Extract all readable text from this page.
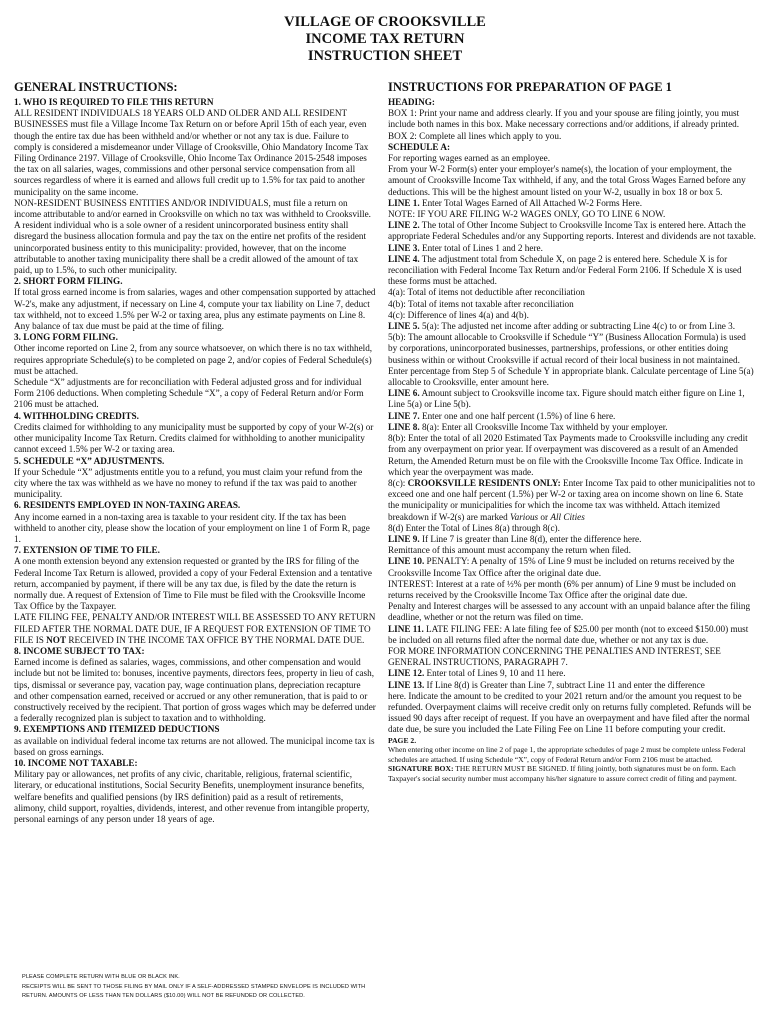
VILLAGE OF CROOKSVILLE
INCOME TAX RETURN
INSTRUCTION SHEET
GENERAL INSTRUCTIONS:
1. WHO IS REQUIRED TO FILE THIS RETURN

ALL RESIDENT INDIVIDUALS 18 YEARS OLD AND OLDER AND ALL RESIDENT BUSINESSES must file a Village Income Tax Return on or before April 15th of each year, even though the entire tax due has been withheld and/or whether or not any tax is due. Failure to comply is considered a misdemeanor under Village of Crooksville, Ohio Mandatory Income Tax Filing Ordinance 2197. Village of Crooksville, Ohio Income Tax Ordinance 2015-2548 imposes the tax on all salaries, wages, commissions and other personal service compensation from all sources regardless of where it is earned and allows full credit up to 1.5% for tax paid to another municipality on the same income.

NON-RESIDENT BUSINESS ENTITIES AND/OR INDIVIDUALS, must file a return on income attributable to and/or earned in Crooksville on which no tax was withheld to Crooksville. A resident individual who is a sole owner of a resident unincorporated business entity shall disregard the business allocation formula and pay the tax on the entire net profits of the resident unincorporated business entity to this municipality: provided, however, that on the income attributable to another taxing municipality there shall be a credit allowed of the amount of tax paid, up to 1.5%, to such other municipality.

2. SHORT FORM FILING.

If total gross earned income is from salaries, wages and other compensation supported by attached W-2's, make any adjustment, if necessary on Line 4, compute your tax liability on Line 7, deduct tax withheld, not to exceed 1.5% per W-2 or taxing area, plus any estimate payments on Line 8. Any balance of tax due must be paid at the time of filing.

3. LONG FORM FILING.

Other income reported on Line 2, from any source whatsoever, on which there is no tax withheld, requires appropriate Schedule(s) to be completed on page 2, and/or copies of Federal Schedule(s) must be attached.

Schedule “X” adjustments are for reconciliation with Federal adjusted gross and for individual Form 2106 deductions. When completing Schedule “X”, a copy of Federal Return and/or Form 2106 must be attached.

4. WITHHOLDING CREDITS.

Credits claimed for withholding to any municipality must be supported by copy of your W-2(s) or other municipality Income Tax Return. Credits claimed for withholding to another municipality cannot exceed 1.5% per W-2 or taxing area.

5. SCHEDULE “X” ADJUSTMENTS.

If your Schedule “X” adjustments entitle you to a refund, you must claim your refund from the city where the tax was withheld as we have no money to refund if the tax was paid to another municipality.

6. RESIDENTS EMPLOYED IN NON-TAXING AREAS.

Any income earned in a non-taxing area is taxable to your resident city. If the tax has been withheld to another city, please show the location of your employment on line 1 of Form R, page 1.

7. EXTENSION OF TIME TO FILE.

A one month extension beyond any extension requested or granted by the IRS for filing of the Federal Income Tax Return is allowed, provided a copy of your Federal Extension and a tentative return, accompanied by payment, if there will be any tax due, is filed by the date the return is normally due. A request of Extension of Time to File must be filed with the Crooksville Income Tax Office by the Taxpayer.

LATE FILING FEE, PENALTY AND/OR INTEREST WILL BE ASSESSED TO ANY RETURN FILED AFTER THE NORMAL DATE DUE, IF A REQUEST FOR EXTENSION OF TIME TO FILE IS NOT RECEIVED IN THE INCOME TAX OFFICE BY THE NORMAL DATE DUE.

8. INCOME SUBJECT TO TAX:

Earned income is defined as salaries, wages, commissions, and other compensation and would include but not be limited to: bonuses, incentive payments, directors fees, property in lieu of cash, tips, dismissal or severance pay, vacation pay, wage continuation plans, depreciation recapture and other compensation earned, received or accrued or any other remuneration, that is paid to or constructively received by the recipient. That portion of gross wages which may be deferred under a federally recognized plan is subject to taxation and to withholding.

9. EXEMPTIONS AND ITEMIZED DEDUCTIONS

as available on individual federal income tax returns are not allowed. The municipal income tax is based on gross earnings.

10. INCOME NOT TAXABLE:

Military pay or allowances, net profits of any civic, charitable, religious, fraternal scientific, literary, or educational institutions, Social Security Benefits, unemployment insurance benefits, welfare benefits and qualified pensions (by IRS definition) paid as a result of retirements, alimony, child support, royalties, dividends, interest, and other revenue from intangible property, personal earnings of any person under 18 years of age.

PLEASE COMPLETE RETURN WITH BLUE OR BLACK INK.
RECEIPTS WILL BE SENT TO THOSE FILING BY MAIL ONLY IF A SELF-ADDRESSED STAMPED ENVELOPE IS INCLUDED WITH
RETURN. AMOUNTS OF LESS THAN TEN DOLLARS ($10.00) WILL NOT BE REFUNDED OR COLLECTED.
INSTRUCTIONS FOR PREPARATION OF PAGE 1
HEADING:

BOX 1: Print your name and address clearly. If you and your spouse are filing jointly, you must include both names in this box. Make necessary corrections and/or additions, if already printed.

BOX 2: Complete all lines which apply to you.

SCHEDULE A:

For reporting wages earned as an employee.

From your W-2 Form(s) enter your employer's name(s), the location of your employment, the amount of Crooksville Income Tax withheld, if any, and the total Gross Wages Earned before any deductions. This will be the highest amount listed on your W-2, usually in box 18 or box 5.

LINE 1. Enter Total Wages Earned of All Attached W-2 Forms Here.

NOTE: IF YOU ARE FILING W-2 WAGES ONLY, GO TO LINE 6 NOW.

LINE 2. The total of Other Income Subject to Crooksville Income Tax is entered here. Attach the appropriate Federal Schedules and/or any Supporting reports. Interest and dividends are not taxable.

LINE 3. Enter total of Lines 1 and 2 here.

LINE 4. The adjustment total from Schedule X, on page 2 is entered here. Schedule X is for reconciliation with Federal Income Tax Return and/or Federal Form 2106. If Schedule X is used these forms must be attached.

4(a): Total of items not deductible after reconciliation

4(b): Total of items not taxable after reconciliation

4(c): Difference of lines 4(a) and 4(b).

LINE 5. 5(a): The adjusted net income after adding or subtracting Line 4(c) to or from Line 3.

5(b): The amount allocable to Crooksville if Schedule “Y” (Business Allocation Formula) is used by corporations, unincorporated businesses, partnerships, professions, or other entities doing business within or without Crooksville if actual record of their local business in not maintained. Enter percentage from Step 5 of Schedule Y in appropriate blank. Calculate percentage of Line 5(a) allocable to Crooksville, enter amount here.

LINE 6. Amount subject to Crooksville income tax. Figure should match either figure on Line 1, Line 5(a) or Line 5(b).

LINE 7. Enter one and one half percent (1.5%) of line 6 here.

LINE 8. 8(a): Enter all Crooksville Income Tax withheld by your employer.

8(b): Enter the total of all 2020 Estimated Tax Payments made to Crooksville including any credit from any overpayment on prior year. If overpayment was discovered as a result of an Amended Return, the Amended Return must be on file with the Crooksville Income Tax Office. Indicate in which year the overpayment was made.

8(c): CROOKSVILLE RESIDENTS ONLY: Enter Income Tax paid to other municipalities not to exceed one and one half percent (1.5%) per W-2 or taxing area on income shown on line 6. State the municipality or municipalities for which the income tax was withheld. Attach itemized breakdown if W-2(s) are marked Various or All Cities

8(d) Enter the Total of Lines 8(a) through 8(c).

LINE 9. If Line 7 is greater than Line 8(d), enter the difference here.

Remittance of this amount must accompany the return when filed.

LINE 10. PENALTY: A penalty of 15% of Line 9 must be included on returns received by the Crooksville Income Tax Office after the original date due.

INTEREST: Interest at a rate of ½% per month (6% per annum) of Line 9 must be included on returns received by the Crooksville Income Tax Office after the original date due.

Penalty and Interest charges will be assessed to any account with an unpaid balance after the filing deadline, whether or not the return was filed on time.

LINE 11. LATE FILING FEE: A late filing fee of $25.00 per month (not to exceed $150.00) must be included on all returns filed after the normal date due, whether or not any tax is due.

FOR MORE INFORMATION CONCERNING THE PENALTIES AND INTEREST, SEE GENERAL INSTRUCTIONS, PARAGRAPH 7.

LINE 12. Enter total of Lines 9, 10 and 11 here.

LINE 13. If Line 8(d) is Greater than Line 7, subtract Line 11 and enter the difference

here. Indicate the amount to be credited to your 2021 return and/or the amount you request to be refunded. Overpayment claims will receive credit only on returns fully completed. Refunds will be issued 90 days after receipt of request. If you have an overpayment and have filed after the normal date due, be sure you included the Late Filing Fee on Line 11 before computing your credit.

PAGE 2.

When entering other income on line 2 of page 1, the appropriate schedules of page 2 must be complete unless Federal schedules are attached. If using Schedule “X”, copy of Federal Return and/or Form 2106 must be attached.

SIGNATURE BOX: THE RETURN MUST BE SIGNED. If filing jointly, both signatures must be on form. Each Taxpayer's social security number must accompany his/her signature to assure correct credit of filing and payment.
